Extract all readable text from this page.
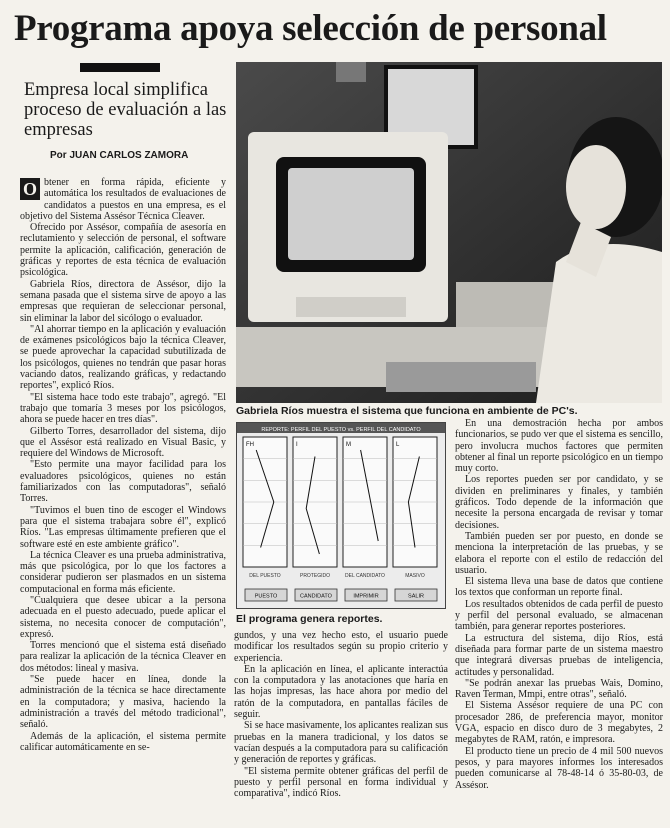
Programa apoya selección de personal
Empresa local simplifica proceso de evaluación a las empresas
Por JUAN CARLOS ZAMORA

O btener en forma rápida, eficiente y automática los resultados de evaluaciones de candidatos a puestos en una empresa, es el objetivo del Sistema Assésor Técnica Cleaver.

Ofrecido por Assésor, compañía de asesoría en reclutamiento y selección de personal, el software permite la aplicación, calificación, generación de gráficas y reportes de esta técnica de evaluación psicológica.

Gabriela Ríos, directora de Assésor, dijo la semana pasada que el sistema sirve de apoyo a las empresas que requieran de seleccionar personal, sin eliminar la labor del sicólogo o evaluador.

"Al ahorrar tiempo en la aplicación y evaluación de exámenes psicológicos bajo la técnica Cleaver, se puede aprovechar la capacidad subutilizada de los psicólogos, quienes no tendrán que pasar horas vaciando datos, realizando gráficas, y redactando reportes", explicó Ríos.

"El sistema hace todo este trabajo", agregó. "El trabajo que tomaría 3 meses por los psicólogos, ahora se puede hacer en tres días".

Gilberto Torres, desarrollador del sistema, dijo que el Assésor está realizado en Visual Basic, y requiere del Windows de Microsoft.

"Esto permite una mayor facilidad para los evaluadores psicológicos, quienes no están familiarizados con las computadoras", señaló Torres.

"Tuvimos el buen tino de escoger el Windows para que el sistema trabajara sobre él", explicó Ríos. "Las empresas últimamente prefieren que el software esté en este ambiente gráfico".

La técnica Cleaver es una prueba administrativa, más que psicológica, por lo que los factores a considerar pudieron ser plasmados en un sistema computacional en forma más eficiente.

"Cualquiera que desee ubicar a la persona adecuada en el puesto adecuado, puede aplicar el sistema, no necesita conocer de computación", expresó.

Torres mencionó que el sistema está diseñado para realizar la aplicación de la técnica Cleaver en dos métodos: lineal y masiva.

"Se puede hacer en línea, donde la administración de la técnica se hace directamente en la computadora; y masiva, haciendo la administración a través del método tradicional", señaló.

Además de la aplicación, el sistema permite calificar automáticamente en se-

Gabriela Ríos muestra el sistema que funciona en ambiente de PC's.
REPORTE: PERFIL DEL PUESTO vs. PERFIL DEL CANDIDATO
FH
DEL PUESTO
I
PROTEGIDO
M
DEL CANDIDATO
L
MASIVO
PUESTO	CANDIDATO	IMPRIMIR	SALIR
El programa genera reportes.

gundos, y una vez hecho esto, el usuario puede modificar los resultados según su propio criterio y experiencia.

En la aplicación en línea, el aplicante interactúa con la computadora y las anotaciones que haría en las hojas impresas, las hace ahora por medio del ratón de la computadora, en pantallas fáciles de seguir.

Si se hace masivamente, los aplicantes realizan sus pruebas en la manera tradicional, y los datos se vacían después a la computadora para su calificación y generación de reportes y gráficas.

"El sistema permite obtener gráficas del perfil de puesto y perfil personal en forma individual y comparativa", indicó Ríos.

En una demostración hecha por ambos funcionarios, se pudo ver que el sistema es sencillo, pero involucra muchos factores que permiten obtener al final un reporte psicológico en un tiempo muy corto.

Los reportes pueden ser por candidato, y se dividen en preliminares y finales, y también gráficos. Todo depende de la información que necesite la persona encargada de revisar y tomar decisiones.

También pueden ser por puesto, en donde se menciona la interpretación de las pruebas, y se elabora el reporte con el estilo de redacción del usuario.

El sistema lleva una base de datos que contiene los textos que conforman un reporte final.

Los resultados obtenidos de cada perfil de puesto y perfil del personal evaluado, se almacenan también, para generar reportes posteriores.

La estructura del sistema, dijo Ríos, está diseñada para formar parte de un sistema maestro que integrará diversas pruebas de inteligencia, actitudes y personalidad.

"Se podrán anexar las pruebas Wais, Domino, Raven Terman, Mmpi, entre otras", señaló.

El Sistema Assésor requiere de una PC con procesador 286, de preferencia mayor, monitor VGA, espacio en disco duro de 3 megabytes, 2 megabytes de RAM, ratón, e impresora.

El producto tiene un precio de 4 mil 500 nuevos pesos, y para mayores informes los interesados pueden comunicarse al 78-48-14 ó 35-80-03, de Assésor.
